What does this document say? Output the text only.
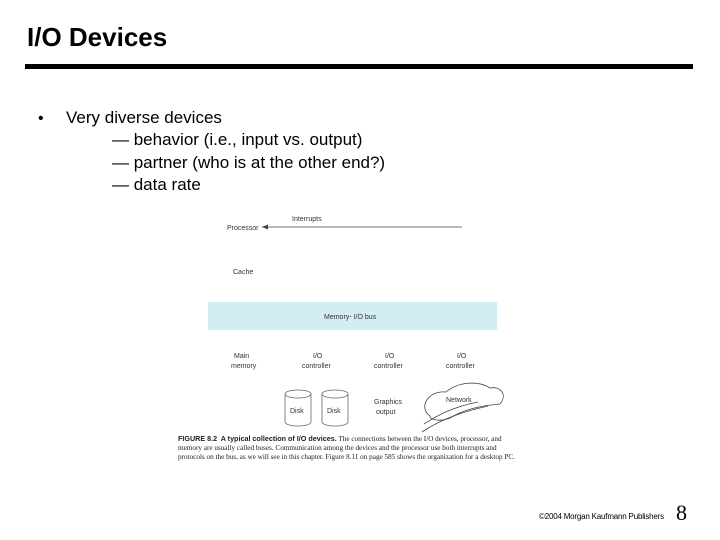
I/O Devices
• Very diverse devices
— behavior (i.e., input vs. output)
— partner (who is at the other end?)
— data rate
Interrupts
Processor
Cache
Memory- I/O bus
Main
memory
I/O
controller
I/O
controller
I/O
controller
Disk	Disk
Graphics
output
Network
FIGURE 8.2 A typical collection of I/O devices. The connections between the I/O devices, processor, and memory are usually called buses. Communication among the devices and the processor use both interrupts and protocols on the bus, as we will see in this chapter. Figure 8.11 on page 585 shows the organization for a desktop PC.
©2004 Morgan Kaufmann Publishers 8
